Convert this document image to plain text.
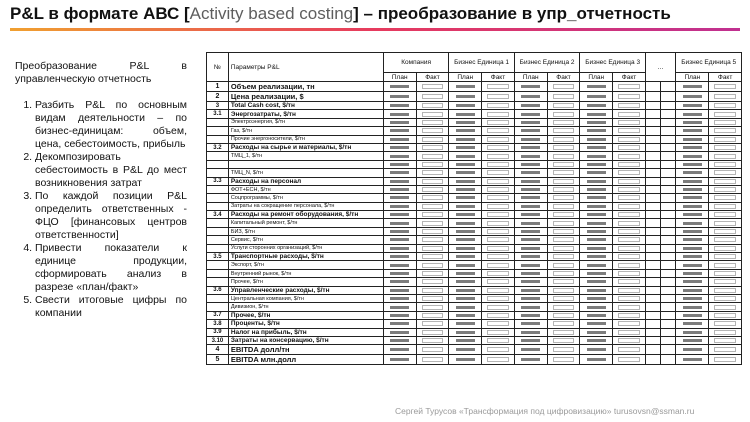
P&L в формате АВС [Activity based costing] – преобразование в упр_отчетность

Преобразование P&L в управленческую отчетность

1. Разбить P&L по основным видам деятельности – по бизнес-единицам: объем, цена, себестоимость, прибыль
2. Декомпозировать себестоимость в P&L до мест возникновения затрат
3. По каждой позиции P&L определить ответственных - ФЦО [финансовых центров ответственности]
4. Привести показатели к единице продукции, сформировать анализ в разрезе «план/факт»
5. Свести итоговые цифры по компании
№	Параметры P&L	Компания		Бизнес Единица 1		Бизнес Единица 2		Бизнес Единица 3		…		Бизнес Единица 5	
		План	Факт	План	Факт	План	Факт	План	Факт			План	Факт
1	Объем реализации, тн	

2	Цена реализации, $	

3	Total Cash cost, $/тн	

3.1	Энергозатраты, $/тн	

	Электроэнергия, $/тн	

	Газ, $/тн	

	Прочие энергоносители, $/тн	

3.2	Расходы на сырье и материалы, $/тн	

	ТМЦ_1, $/тн	

	ТМЦ_N, $/тн	

3.3	Расходы на персонал	

	ФОТ+ЕСН, $/тн	

	Соцпрограммы, $/тн	

	Затраты на сокращение персонала, $/тн	

3.4	Расходы на ремонт оборудования, $/тн	

	Капитальный ремонт, $/тн	

	БИЗ, $/тн	

	Сервис, $/тн	

	Услуги сторонних организаций, $/тн	

3.5	Транспортные расходы, $/тн	

	Экспорт, $/тн	

	Внутренний рынок, $/тн	

	Прочее, $/тн	

3.6	Управленческие расходы, $/тн	

	Центральная компания, $/тн	

	Дивизион, $/тн	

3.7	Прочее, $/тн	

3.8	Проценты, $/тн	

3.9	Налог на прибыль, $/тн	

3.10	Затраты на консервацию, $/тн	

4	EBITDA долл/тн	

5	EBITDA млн.долл	

Сергей Турусов «Трансформация под цифровизацию» turusovsn@ssman.ru
